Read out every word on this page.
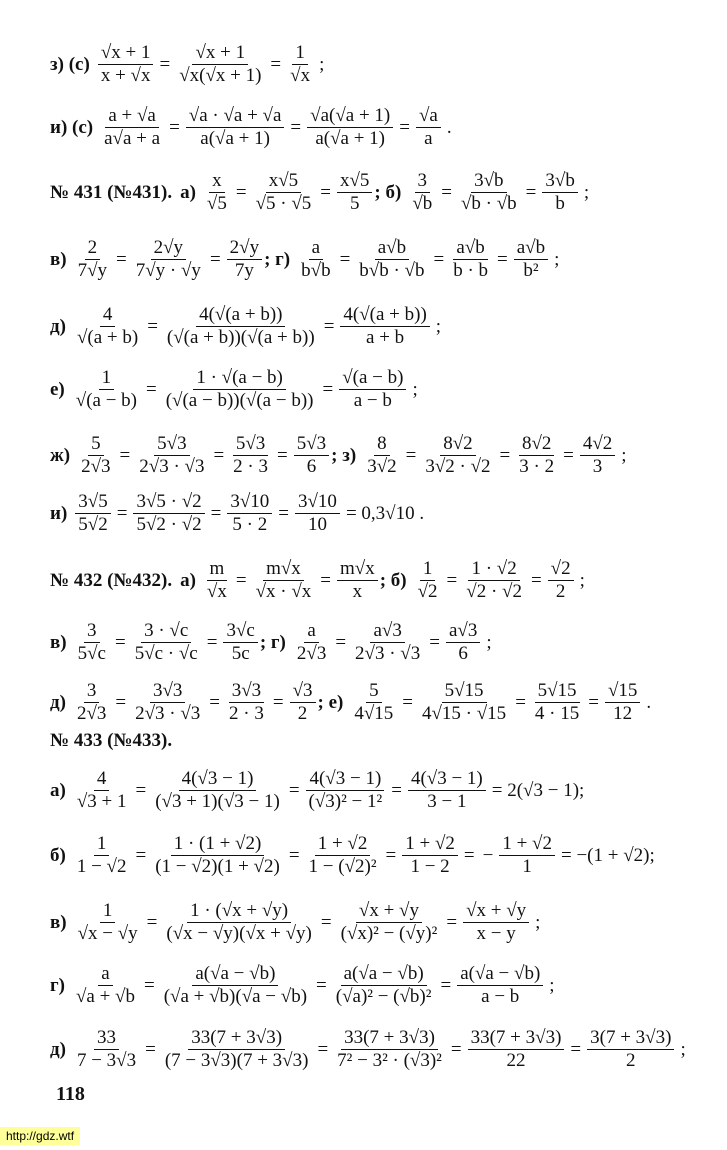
з) $(с) \frac{√x + 1}{x + √x} = \frac{√x + 1}{√x(√x + 1)} = \frac{1}{√x}$ ;
и) $(с) \frac{a + √a}{a√a + a} = \frac{√a \cdot √a + √a}{a(√a + 1)} = \frac{√a(√a + 1)}{a(√a + 1)} = \frac{√a}{a}$ .
№ 431 (№431). $а) \frac{x}{√5} = \frac{x√5}{√5 \cdot √5} = \frac{x√5}{5}$ ; $б) \frac{3}{√b} = \frac{3√b}{√b \cdot √b} = \frac{3√b}{b}$ ;
$в) \frac{2}{7√y} = \frac{2√y}{7√y \cdot √y} = \frac{2√y}{7y}$ ; $г) \frac{a}{b√b} = \frac{a√b}{b√b \cdot √b} = \frac{a√b}{b \cdot b} = \frac{a√b}{\text{b²}}$ ;
$д) \frac{4}{√(a + b)} = \frac{4(√(a + b))}{(√(a + b))(√(a + b))} = \frac{4(√(a + b))}{a + b}$ ;
$е) \frac{1}{√(a - b)} = \frac{1 \cdot √(a - b)}{(√(a - b))(√(a - b))} = \frac{√(a - b)}{a - b}$ ;
$ж) \frac{5}{2√3} = \frac{5√3}{2√3 \cdot √3} = \frac{5√3}{2 \cdot 3} = \frac{5√3}{6}$ ; $з) \frac{8}{3√2} = \frac{8√2}{3√2 \cdot √2} = \frac{8√2}{3 \cdot 2} = \frac{4√2}{3}$ ;
$и) \frac{3√5}{5√2} = \frac{3√5 \cdot √2}{5√2 \cdot √2} = \frac{3√10}{5 \cdot 2} = \frac{3√10}{10} = 0,3√10$ .
№ 432 (№432). $а) \frac{m}{√x} = \frac{m√x}{√x \cdot √x} = \frac{m√x}{x}$ ; $б) \frac{1}{√2} = \frac{1 \cdot √2}{√2 \cdot √2} = \frac{√2}{2}$ ;
$в) \frac{3}{5√c} = \frac{3 \cdot √c}{5√c \cdot √c} = \frac{3√c}{5c}$ ; $г) \frac{a}{2√3} = \frac{a√3}{2√3 \cdot √3} = \frac{a√3}{6}$ ;
$д) \frac{3}{2√3} = \frac{3√3}{2√3 \cdot √3} = \frac{3√3}{2 \cdot 3} = \frac{√3}{2}$ ; $е) \frac{5}{4√15} = \frac{5√15}{4√15 \cdot √15} = \frac{5√15}{4 \cdot 15} = \frac{√15}{12}$ .
№ 433 (№433).
$а) \frac{4}{√3 + 1} = \frac{4(√3 - 1)}{(√3 + 1)(√3 - 1)} = \frac{4(√3 - 1)}{\text{(√3)² − 1²}} = \frac{4(√3 - 1)}{3 - 1} = 2(√3 - 1)$;
$б) \frac{1}{1 - √2} = \frac{1 \cdot (1 + √2)}{(1 - √2)(1 + √2)} = \frac{1 + √2}{\text{1 − (√2)²}} = \frac{1 + √2}{1 - 2}$ = − $\frac{1 + √2}{1} = -(1 + √2)$;
$в) \frac{1}{√x - √y} = \frac{1 \cdot (√x + √y)}{(√x - √y)(√x + √y)} = \frac{√x + √y}{\text{(√x)² − (√y)²}} = \frac{√x + √y}{x - y}$ ;
$г) \frac{a}{√a + √b} = \frac{a(√a - √b)}{(√a + √b)(√a - √b)} = \frac{a(√a - √b)}{\text{(√a)² − (√b)²}} = \frac{a(√a - √b)}{a - b}$ ;
$д) \frac{33}{7 - 3√3} = \frac{33(7 + 3√3)}{(7 - 3√3)(7 + 3√3)} = \frac{33(7 + 3√3)}{\text{7² − 3² · (√3)²}} = \frac{33(7 + 3√3)}{22} = \frac{3(7 + 3√3)}{2}$ ;
118
http://gdz.wtf
